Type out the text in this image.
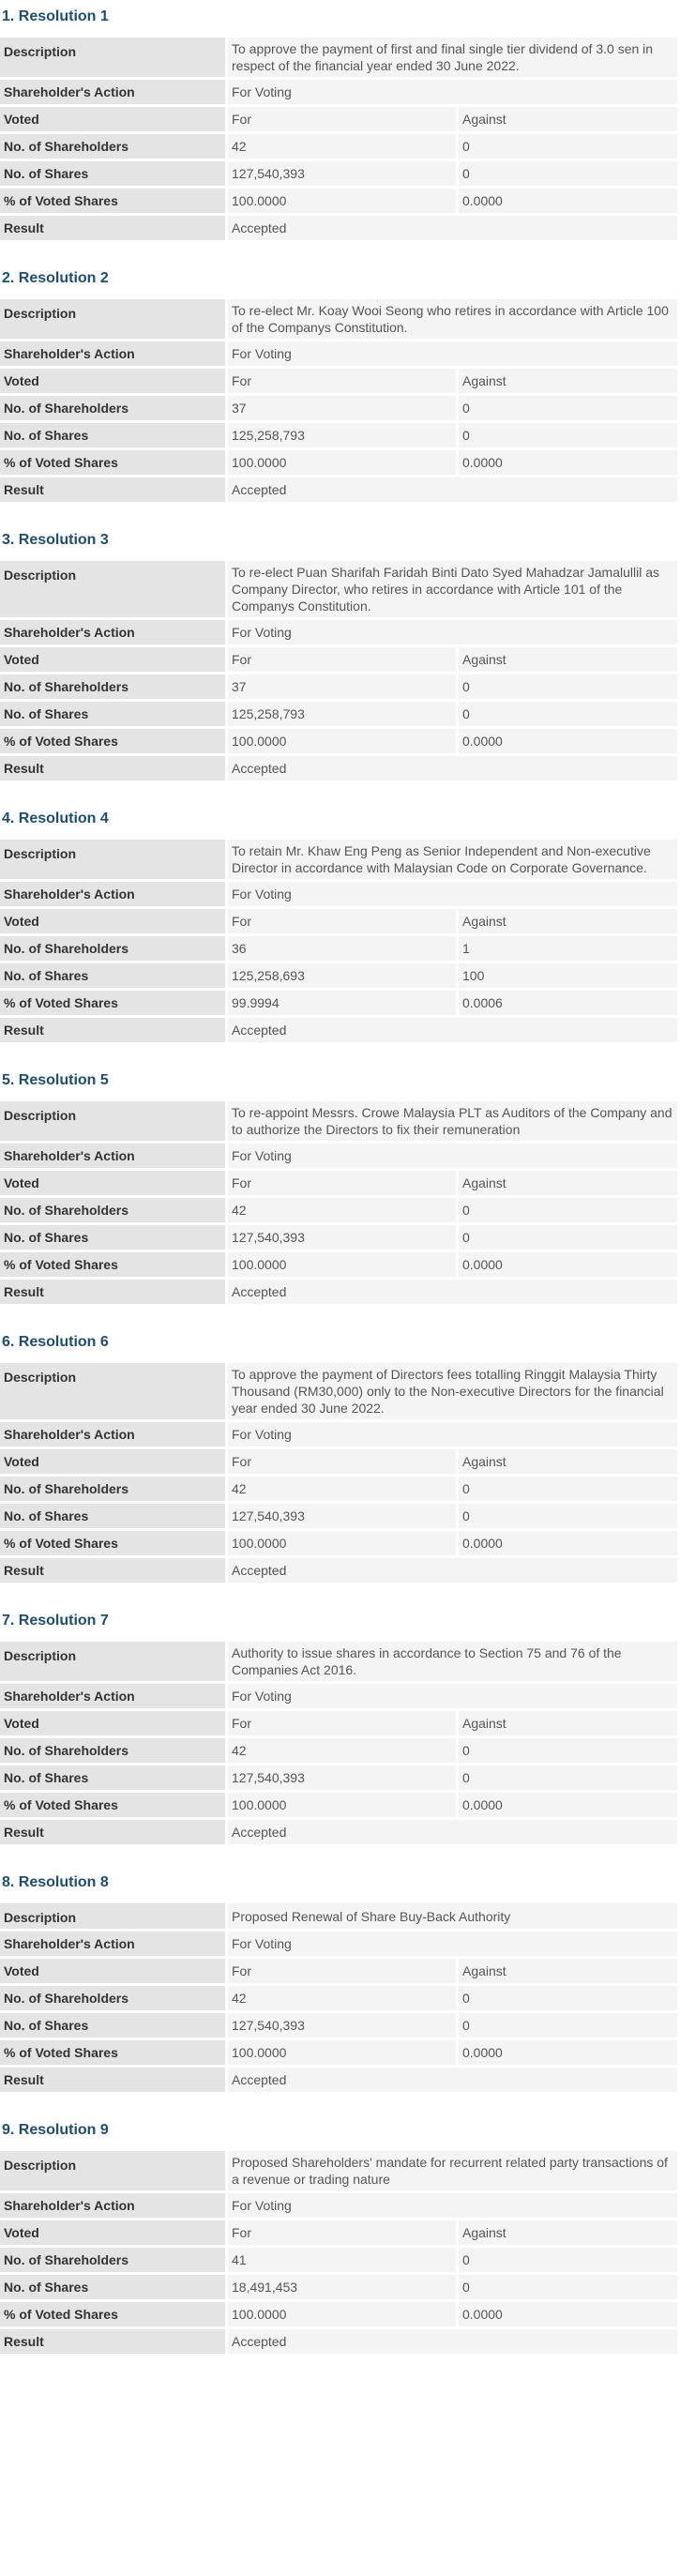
1. Resolution 1
Description	To approve the payment of first and final single tier dividend of 3.0 sen in respect of the financial year ended 30 June 2022.	
Shareholder's Action	For Voting	
Voted	For	Against
No. of Shareholders	42	0
No. of Shares	127,540,393	0
% of Voted Shares	100.0000	0.0000
Result	Accepted	
2. Resolution 2
Description	To re-elect Mr. Koay Wooi Seong who retires in accordance with Article 100 of the Companys Constitution.	
Shareholder's Action	For Voting	
Voted	For	Against
No. of Shareholders	37	0
No. of Shares	125,258,793	0
% of Voted Shares	100.0000	0.0000
Result	Accepted	
3. Resolution 3
Description	To re-elect Puan Sharifah Faridah Binti Dato Syed Mahadzar Jamalullil as Company Director, who retires in accordance with Article 101 of the Companys Constitution.	
Shareholder's Action	For Voting	
Voted	For	Against
No. of Shareholders	37	0
No. of Shares	125,258,793	0
% of Voted Shares	100.0000	0.0000
Result	Accepted	
4. Resolution 4
Description	To retain Mr. Khaw Eng Peng as Senior Independent and Non-executive Director in accordance with Malaysian Code on Corporate Governance.	
Shareholder's Action	For Voting	
Voted	For	Against
No. of Shareholders	36	1
No. of Shares	125,258,693	100
% of Voted Shares	99.9994	0.0006
Result	Accepted	
5. Resolution 5
Description	To re-appoint Messrs. Crowe Malaysia PLT as Auditors of the Company and to authorize the Directors to fix their remuneration	
Shareholder's Action	For Voting	
Voted	For	Against
No. of Shareholders	42	0
No. of Shares	127,540,393	0
% of Voted Shares	100.0000	0.0000
Result	Accepted	
6. Resolution 6
Description	To approve the payment of Directors fees totalling Ringgit Malaysia Thirty Thousand (RM30,000) only to the Non-executive Directors for the financial year ended 30 June 2022.	
Shareholder's Action	For Voting	
Voted	For	Against
No. of Shareholders	42	0
No. of Shares	127,540,393	0
% of Voted Shares	100.0000	0.0000
Result	Accepted	
7. Resolution 7
Description	Authority to issue shares in accordance to Section 75 and 76 of the Companies Act 2016.	
Shareholder's Action	For Voting	
Voted	For	Against
No. of Shareholders	42	0
No. of Shares	127,540,393	0
% of Voted Shares	100.0000	0.0000
Result	Accepted	
8. Resolution 8
Description	Proposed Renewal of Share Buy-Back Authority	
Shareholder's Action	For Voting	
Voted	For	Against
No. of Shareholders	42	0
No. of Shares	127,540,393	0
% of Voted Shares	100.0000	0.0000
Result	Accepted	
9. Resolution 9
Description	Proposed Shareholders' mandate for recurrent related party transactions of a revenue or trading nature	
Shareholder's Action	For Voting	
Voted	For	Against
No. of Shareholders	41	0
No. of Shares	18,491,453	0
% of Voted Shares	100.0000	0.0000
Result	Accepted	
